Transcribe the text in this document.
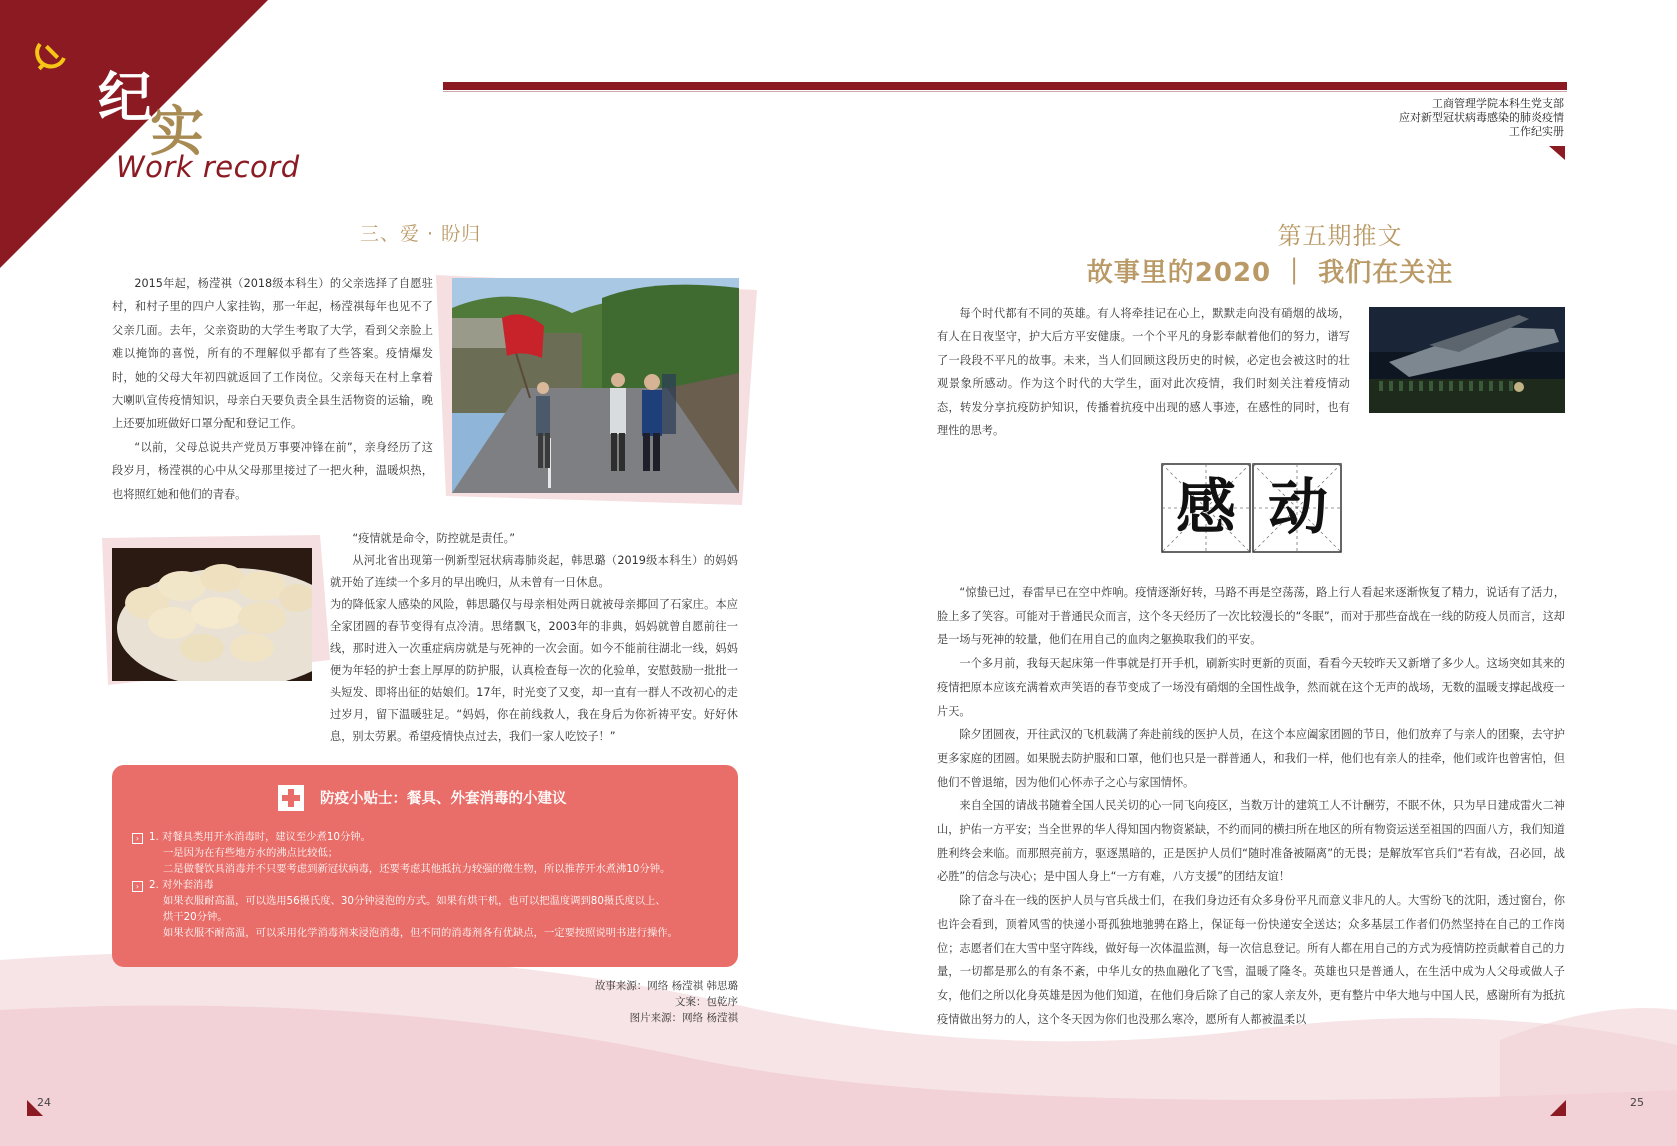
纪
实
Work record
工商管理学院本科生党支部
应对新型冠状病毒感染的肺炎疫情
工作纪实册
三、爱 · 盼归

2015年起，杨滢祺（2018级本科生）的父亲选择了自愿驻村，和村子里的四户人家挂钩，那一年起，杨滢祺每年也见不了父亲几面。去年，父亲资助的大学生考取了大学，看到父亲脸上难以掩饰的喜悦，所有的不理解似乎都有了些答案。疫情爆发时，她的父母大年初四就返回了工作岗位。父亲每天在村上拿着大喇叭宣传疫情知识，母亲白天要负责全县生活物资的运输，晚上还要加班做好口罩分配和登记工作。

“以前，父母总说共产党员万事要冲锋在前”，亲身经历了这段岁月，杨滢祺的心中从父母那里接过了一把火种，温暖炽热，也将照红她和他们的青春。

“疫情就是命令，防控就是责任。”

从河北省出现第一例新型冠状病毒肺炎起，韩思璐（2019级本科生）的妈妈就开始了连续一个多月的早出晚归，从未曾有一日休息。

为的降低家人感染的风险，韩思璐仅与母亲相处两日就被母亲揶回了石家庄。本应全家团圆的春节变得有点冷清。思绪飘飞，2003年的非典，妈妈就曾自愿前往一线，那时进入一次重症病房就是与死神的一次会面。如今不能前往湖北一线，妈妈便为年轻的护士套上厚厚的防护服，认真检查每一次的化验单，安慰鼓励一批批一头短发、即将出征的姑娘们。17年，时光变了又变，却一直有一群人不改初心的走过岁月，留下温暖驻足。“妈妈，你在前线救人，我在身后为你祈祷平安。好好休息，别太劳累。希望疫情快点过去，我们一家人吃饺子！”

防疫小贴士：餐具、外套消毒的小建议
› 1. 对餐具类用开水消毒时，建议至少煮10分钟。
一是因为在有些地方水的沸点比较低；
二是做餐饮具消毒并不只要考虑到新冠状病毒，还要考虑其他抵抗力较强的微生物，所以推荐开水煮沸10分钟。
› 2. 对外套消毒
如果衣服耐高温，可以选用56摄氏度、30分钟浸泡的方式。如果有烘干机，也可以把温度调到80摄氏度以上、
烘干20分钟。
如果衣服不耐高温，可以采用化学消毒剂来浸泡消毒，但不同的消毒剂各有优缺点，一定要按照说明书进行操作。
故事来源：网络 杨滢祺 韩思璐
文案：包乾序
图片来源：网络 杨滢祺
24
第五期推文
故事里的2020 ｜ 我们在关注

每个时代都有不同的英雄。有人将牵挂记在心上，默默走向没有硝烟的战场，有人在日夜坚守，护大后方平安健康。一个个平凡的身影奉献着他们的努力，谱写了一段段不平凡的故事。未来，当人们回顾这段历史的时候，必定也会被这时的壮观景象所感动。作为这个时代的大学生，面对此次疫情，我们时刻关注着疫情动态，转发分享抗疫防护知识，传播着抗疫中出现的感人事迹，在感性的同时，也有理性的思考。

感 动

“惊蛰已过，春雷早已在空中炸响。疫情逐渐好转，马路不再是空荡荡，路上行人看起来逐渐恢复了精力，说话有了活力，脸上多了笑容。可能对于普通民众而言，这个冬天经历了一次比较漫长的“冬眠”，而对于那些奋战在一线的防疫人员而言，这却是一场与死神的较量，他们在用自己的血肉之躯换取我们的平安。

一个多月前，我每天起床第一件事就是打开手机，刷新实时更新的页面，看看今天较昨天又新增了多少人。这场突如其来的疫情把原本应该充满着欢声笑语的春节变成了一场没有硝烟的全国性战争，然而就在这个无声的战场，无数的温暖支撑起战疫一片天。

除夕团圆夜，开往武汉的飞机载满了奔赴前线的医护人员，在这个本应阖家团圆的节日，他们放弃了与亲人的团聚，去守护更多家庭的团圆。如果脱去防护服和口罩，他们也只是一群普通人，和我们一样，他们也有亲人的挂牵，他们或许也曾害怕，但他们不曾退缩，因为他们心怀赤子之心与家国情怀。

来自全国的请战书随着全国人民关切的心一同飞向疫区，当数万计的建筑工人不计酬劳，不眠不休，只为早日建成雷火二神山，护佑一方平安；当全世界的华人得知国内物资紧缺，不约而同的横扫所在地区的所有物资运送至祖国的四面八方，我们知道胜利终会来临。而那照亮前方，驱逐黑暗的，正是医护人员们“随时准备被隔离”的无畏；是解放军官兵们“若有战，召必回，战必胜”的信念与决心；是中国人身上“一方有难，八方支援”的团结友谊！

除了奋斗在一线的医护人员与官兵战士们，在我们身边还有众多身份平凡而意义非凡的人。大雪纷飞的沈阳，透过窗台，你也许会看到，顶着风雪的快递小哥孤独地驰骋在路上，保证每一份快递安全送达；众多基层工作者们仍然坚持在自己的工作岗位；志愿者们在大雪中坚守阵线，做好每一次体温监测，每一次信息登记。所有人都在用自己的方式为疫情防控贡献着自己的力量，一切都是那么的有条不紊，中华儿女的热血融化了飞雪，温暖了隆冬。英雄也只是普通人，在生活中成为人父母或做人子女，他们之所以化身英雄是因为他们知道，在他们身后除了自己的家人亲友外，更有整片中华大地与中国人民，感谢所有为抵抗疫情做出努力的人，这个冬天因为你们也没那么寒冷，愿所有人都被温柔以

25
